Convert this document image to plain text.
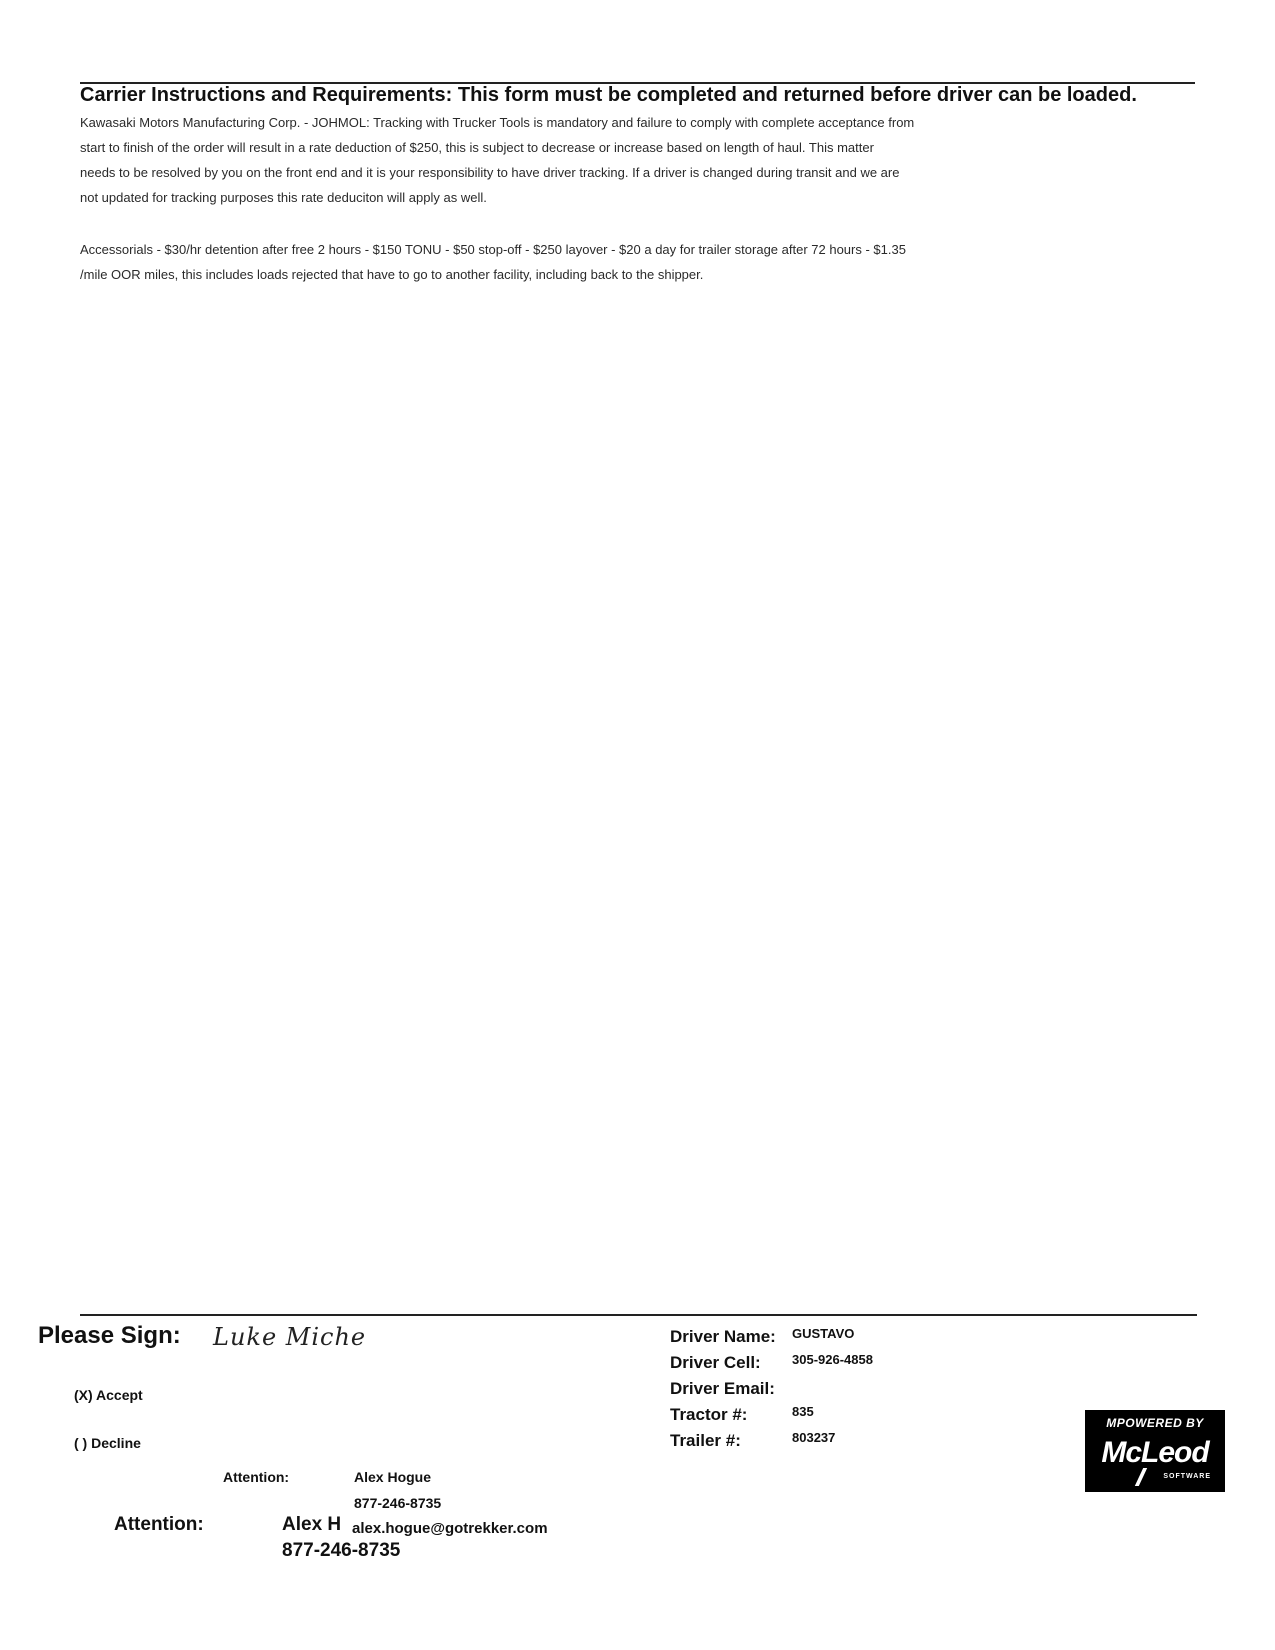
Carrier Instructions and Requirements: This form must be completed and returned before driver can be loaded.
Kawasaki Motors Manufacturing Corp. - JOHMOL: Tracking with Trucker Tools is mandatory and failure to comply with complete acceptance from
start to finish of the order will result in a rate deduction of $250, this is subject to decrease or increase based on length of haul. This matter
needs to be resolved by you on the front end and it is your responsibility to have driver tracking. If a driver is changed during transit and we are
not updated for tracking purposes this rate deduciton will apply as well.
Accessorials - $30/hr detention after free 2 hours - $150 TONU - $50 stop-off - $250 layover - $20 a day for trailer storage after 72 hours - $1.35
/mile OOR miles, this includes loads rejected that have to go to another facility, including back to the shipper.
Please Sign: Luke Miche
(X) Accept
( ) Decline
Attention:	Alex Hogue
877-246-8735
Attention:	Alex H alex.hogue@gotrekker.com
877-246-8735
Driver Name: GUSTAVO
Driver Cell: 305-926-4858
Driver Email:
Tractor #:	835
Trailer #:	803237
MPOWERED BY
McLeod
SOFTWARE
